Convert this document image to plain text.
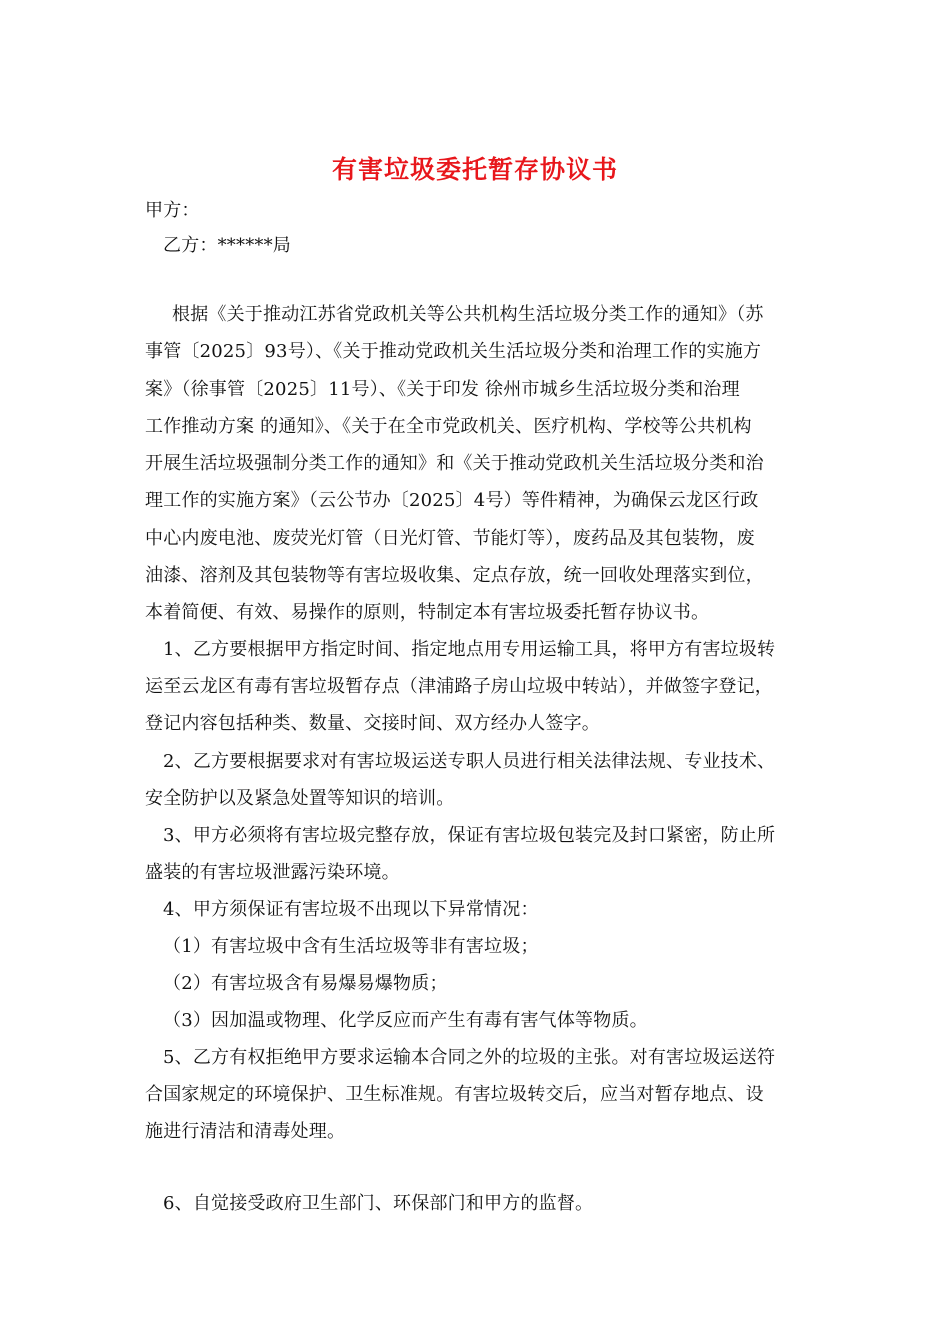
有害垃圾委托暂存协议书
甲方：
乙方：******局
根据《关于推动江苏省党政机关等公共机构生活垃圾分类工作的通知》（苏
事管〔2025〕93号）、《关于推动党政机关生活垃圾分类和治理工作的实施方
案》（徐事管〔2025〕11号）、《关于印发 徐州市城乡生活垃圾分类和治理
工作推动方案 的通知》、《关于在全市党政机关、医疗机构、学校等公共机构
开展生活垃圾强制分类工作的通知》和《关于推动党政机关生活垃圾分类和治
理工作的实施方案》（云公节办〔2025〕4号）等件精神，为确保云龙区行政
中心内废电池、废荧光灯管（日光灯管、节能灯等），废药品及其包装物，废
油漆、溶剂及其包装物等有害垃圾收集、定点存放，统一回收处理落实到位，
本着简便、有效、易操作的原则，特制定本有害垃圾委托暂存协议书。
1、乙方要根据甲方指定时间、指定地点用专用运输工具，将甲方有害垃圾转
运至云龙区有毒有害垃圾暂存点（津浦路子房山垃圾中转站），并做签字登记，
登记内容包括种类、数量、交接时间、双方经办人签字。
2、乙方要根据要求对有害垃圾运送专职人员进行相关法律法规、专业技术、
安全防护以及紧急处置等知识的培训。
3、甲方必须将有害垃圾完整存放，保证有害垃圾包装完及封口紧密，防止所
盛装的有害垃圾泄露污染环境。
4、甲方须保证有害垃圾不出现以下异常情况：
（1）有害垃圾中含有生活垃圾等非有害垃圾；
（2）有害垃圾含有易爆易爆物质；
（3）因加温或物理、化学反应而产生有毒有害气体等物质。
5、乙方有权拒绝甲方要求运输本合同之外的垃圾的主张。对有害垃圾运送符
合国家规定的环境保护、卫生标准规。有害垃圾转交后，应当对暂存地点、设
施进行清洁和清毒处理。
6、自觉接受政府卫生部门、环保部门和甲方的监督。
